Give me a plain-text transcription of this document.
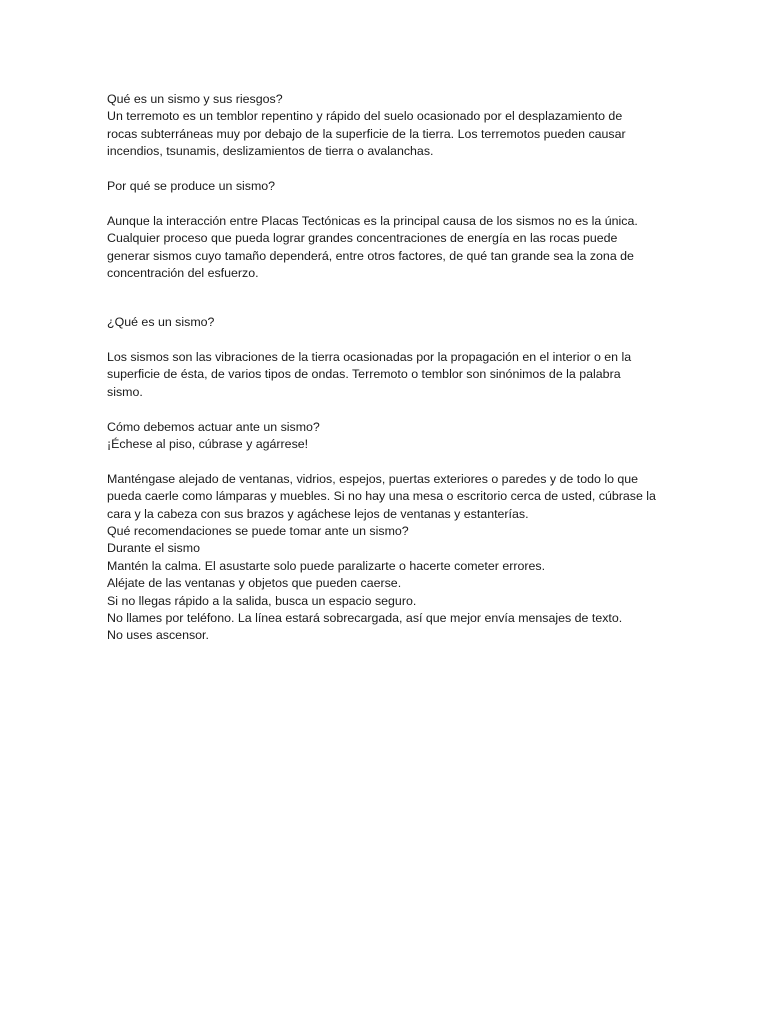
Qué es un sismo y sus riesgos?
Un terremoto es un temblor repentino y rápido del suelo ocasionado por el desplazamiento de
rocas subterráneas muy por debajo de la superficie de la tierra. Los terremotos pueden causar
incendios, tsunamis, deslizamientos de tierra o avalanchas.
Por qué se produce un sismo?
Aunque la interacción entre Placas Tectónicas es la principal causa de los sismos no es la única.
Cualquier proceso que pueda lograr grandes concentraciones de energía en las rocas puede
generar sismos cuyo tamaño dependerá, entre otros factores, de qué tan grande sea la zona de
concentración del esfuerzo.
¿Qué es un sismo?
Los sismos son las vibraciones de la tierra ocasionadas por la propagación en el interior o en la
superficie de ésta, de varios tipos de ondas. Terremoto o temblor son sinónimos de la palabra
sismo.
Cómo debemos actuar ante un sismo?
¡Échese al piso, cúbrase y agárrese!
Manténgase alejado de ventanas, vidrios, espejos, puertas exteriores o paredes y de todo lo que
pueda caerle como lámparas y muebles. Si no hay una mesa o escritorio cerca de usted, cúbrase la
cara y la cabeza con sus brazos y agáchese lejos de ventanas y estanterías.
Qué recomendaciones se puede tomar ante un sismo?
Durante el sismo
Mantén la calma. El asustarte solo puede paralizarte o hacerte cometer errores.
Aléjate de las ventanas y objetos que pueden caerse.
Si no llegas rápido a la salida, busca un espacio seguro.
No llames por teléfono. La línea estará sobrecargada, así que mejor envía mensajes de texto.
No uses ascensor.
